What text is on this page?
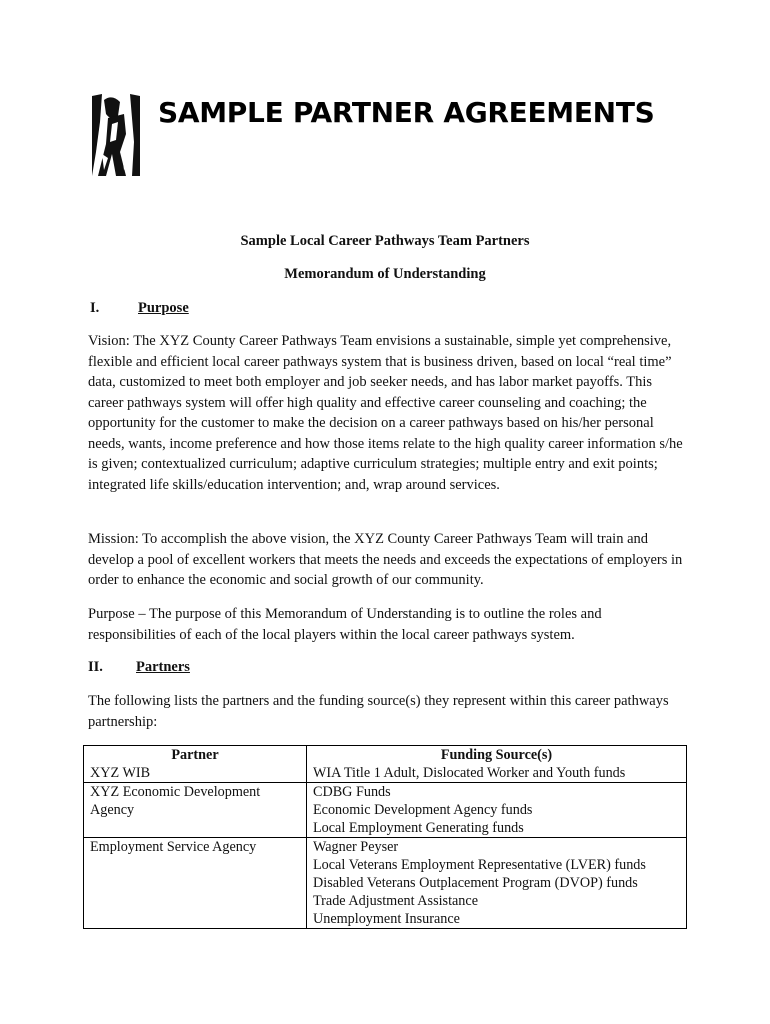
SAMPLE PARTNER AGREEMENTS
Sample Local Career Pathways Team Partners
Memorandum of Understanding
I.	Purpose
Vision: The XYZ County Career Pathways Team envisions a sustainable, simple yet comprehensive, flexible and efficient local career pathways system that is business driven, based on local “real time” data, customized to meet both employer and job seeker needs, and has labor market payoffs. This career pathways system will offer high quality and effective career counseling and coaching; the opportunity for the customer to make the decision on a career pathways based on his/her personal needs, wants, income preference and how those items relate to the high quality career information s/he is given; contextualized curriculum; adaptive curriculum strategies; multiple entry and exit points; integrated life skills/education intervention; and, wrap around services.
Mission: To accomplish the above vision, the XYZ County Career Pathways Team will train and develop a pool of excellent workers that meets the needs and exceeds the expectations of employers in order to enhance the economic and social growth of our community.
Purpose – The purpose of this Memorandum of Understanding is to outline the roles and responsibilities of each of the local players within the local career pathways system.
II. Partners
The following lists the partners and the funding source(s) they represent within this career pathways partnership:
Partner	Funding Source(s)
XYZ WIB	WIA Title 1 Adult, Dislocated Worker and Youth funds

XYZ Economic Development Agency	CDBG Funds
Economic Development Agency funds
Local Employment Generating funds

Employment Service Agency	Wagner Peyser
Local Veterans Employment Representative (LVER) funds
Disabled Veterans Outplacement Program (DVOP) funds
Trade Adjustment Assistance
Unemployment Insurance
